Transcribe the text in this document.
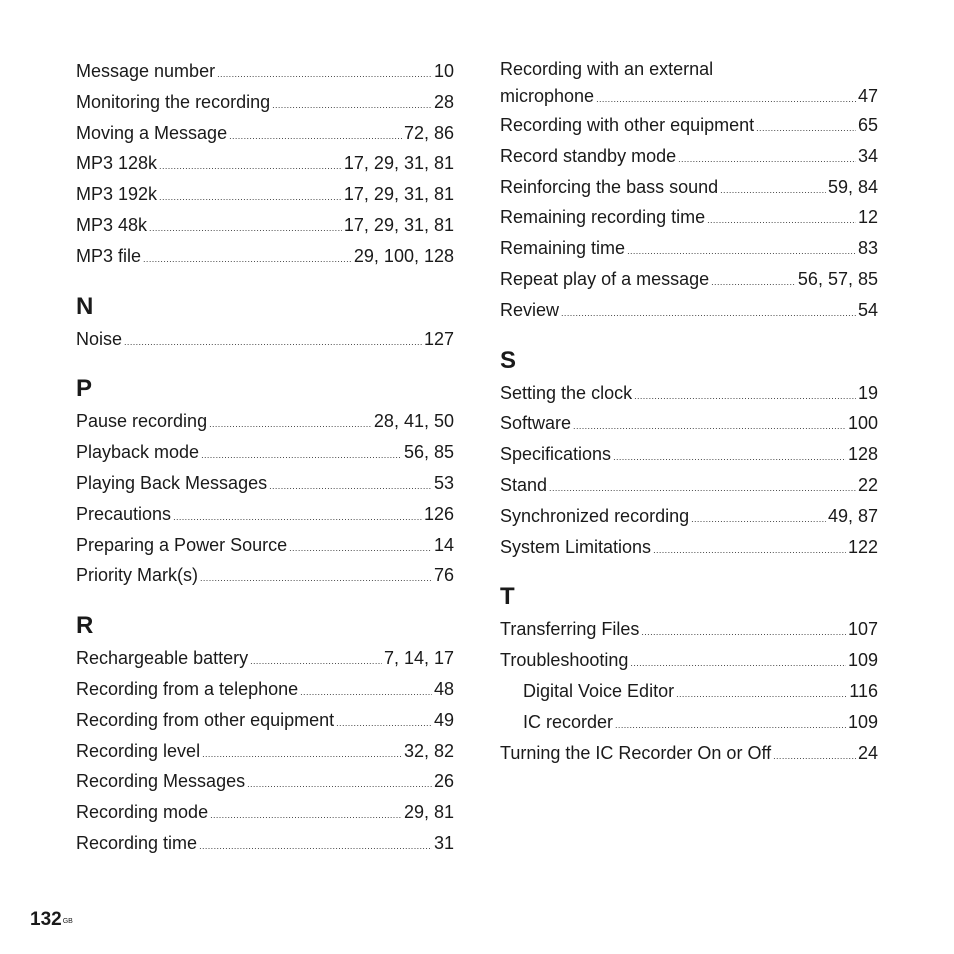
Message number .....	10
Monitoring the recording .....	28
Moving a Message .....	72, 86
MP3 128k .....	17, 29, 31, 81
MP3 192k .....	17, 29, 31, 81
MP3 48k .....	17, 29, 31, 81
MP3 file .....	29, 100, 128
N
Noise .....	127
P
Pause recording .....	28, 41, 50
Playback mode .....	56, 85
Playing Back Messages .....	53
Precautions .....	126
Preparing a Power Source .....	14
Priority Mark(s) .....	76
R
Rechargeable battery .....	7, 14, 17
Recording from a telephone .....	48
Recording from other equipment .....	49
Recording level .....	32, 82
Recording Messages .....	26
Recording mode .....	29, 81
Recording time .....	31
Recording with an external
microphone .....	47
Recording with other equipment .....	65
Record standby mode .....	34
Reinforcing the bass sound .....	59, 84
Remaining recording time .....	12
Remaining time .....	83
Repeat play of a message .....	56, 57, 85
Review .....	54
S
Setting the clock .....	19
Software .....	100
Specifications .....	128
Stand .....	22
Synchronized recording .....	49, 87
System Limitations .....	122
T
Transferring Files .....	107
Troubleshooting .....	109
Digital Voice Editor .....	116
IC recorder .....	109
Turning the IC Recorder On or Off .....	24
$132^{GB}$
